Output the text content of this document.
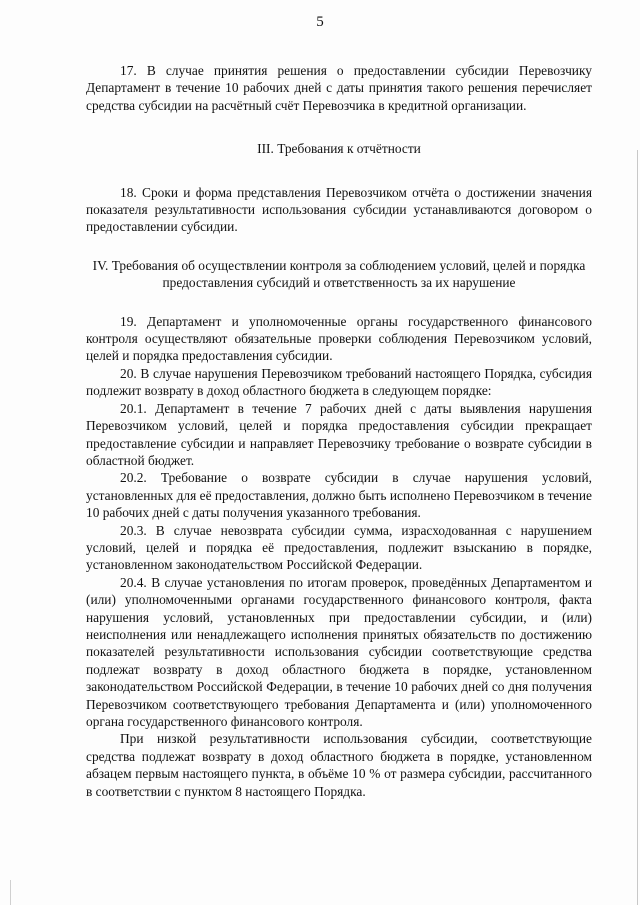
5

17. В случае принятия решения о предоставлении субсидии Перевозчику Департамент в течение 10 рабочих дней с даты принятия такого решения перечисляет средства субсидии на расчётный счёт Перевозчика в кредитной организации.

III. Требования к отчётности

18. Сроки и форма представления Перевозчиком отчёта о достижении значения показателя результативности использования субсидии устанавливаются договором о предоставлении субсидии.

IV. Требования об осуществлении контроля за соблюдением условий, целей и порядка предоставления субсидий и ответственность за их нарушение

19. Департамент и уполномоченные органы государственного финансового контроля осуществляют обязательные проверки соблюдения Перевозчиком условий, целей и порядка предоставления субсидии.

20. В случае нарушения Перевозчиком требований настоящего Порядка, субсидия подлежит возврату в доход областного бюджета в следующем порядке:

20.1. Департамент в течение 7 рабочих дней с даты выявления нарушения Перевозчиком условий, целей и порядка предоставления субсидии прекращает предоставление субсидии и направляет Перевозчику требование о возврате субсидии в областной бюджет.

20.2. Требование о возврате субсидии в случае нарушения условий, установленных для её предоставления, должно быть исполнено Перевозчиком в течение 10 рабочих дней с даты получения указанного требования.

20.3. В случае невозврата субсидии сумма, израсходованная с нарушением условий, целей и порядка её предоставления, подлежит взысканию в порядке, установленном законодательством Российской Федерации.

20.4. В случае установления по итогам проверок, проведённых Департаментом и (или) уполномоченными органами государственного финансового контроля, факта нарушения условий, установленных при предоставлении субсидии, и (или) неисполнения или ненадлежащего исполнения принятых обязательств по достижению показателей результативности использования субсидии соответствующие средства подлежат возврату в доход областного бюджета в порядке, установленном законодательством Российской Федерации, в течение 10 рабочих дней со дня получения Перевозчиком соответствующего требования Департамента и (или) уполномоченного органа государственного финансового контроля.

При низкой результативности использования субсидии, соответствующие средства подлежат возврату в доход областного бюджета в порядке, установленном абзацем первым настоящего пункта, в объёме 10 % от размера субсидии, рассчитанного в соответствии с пунктом 8 настоящего Порядка.
